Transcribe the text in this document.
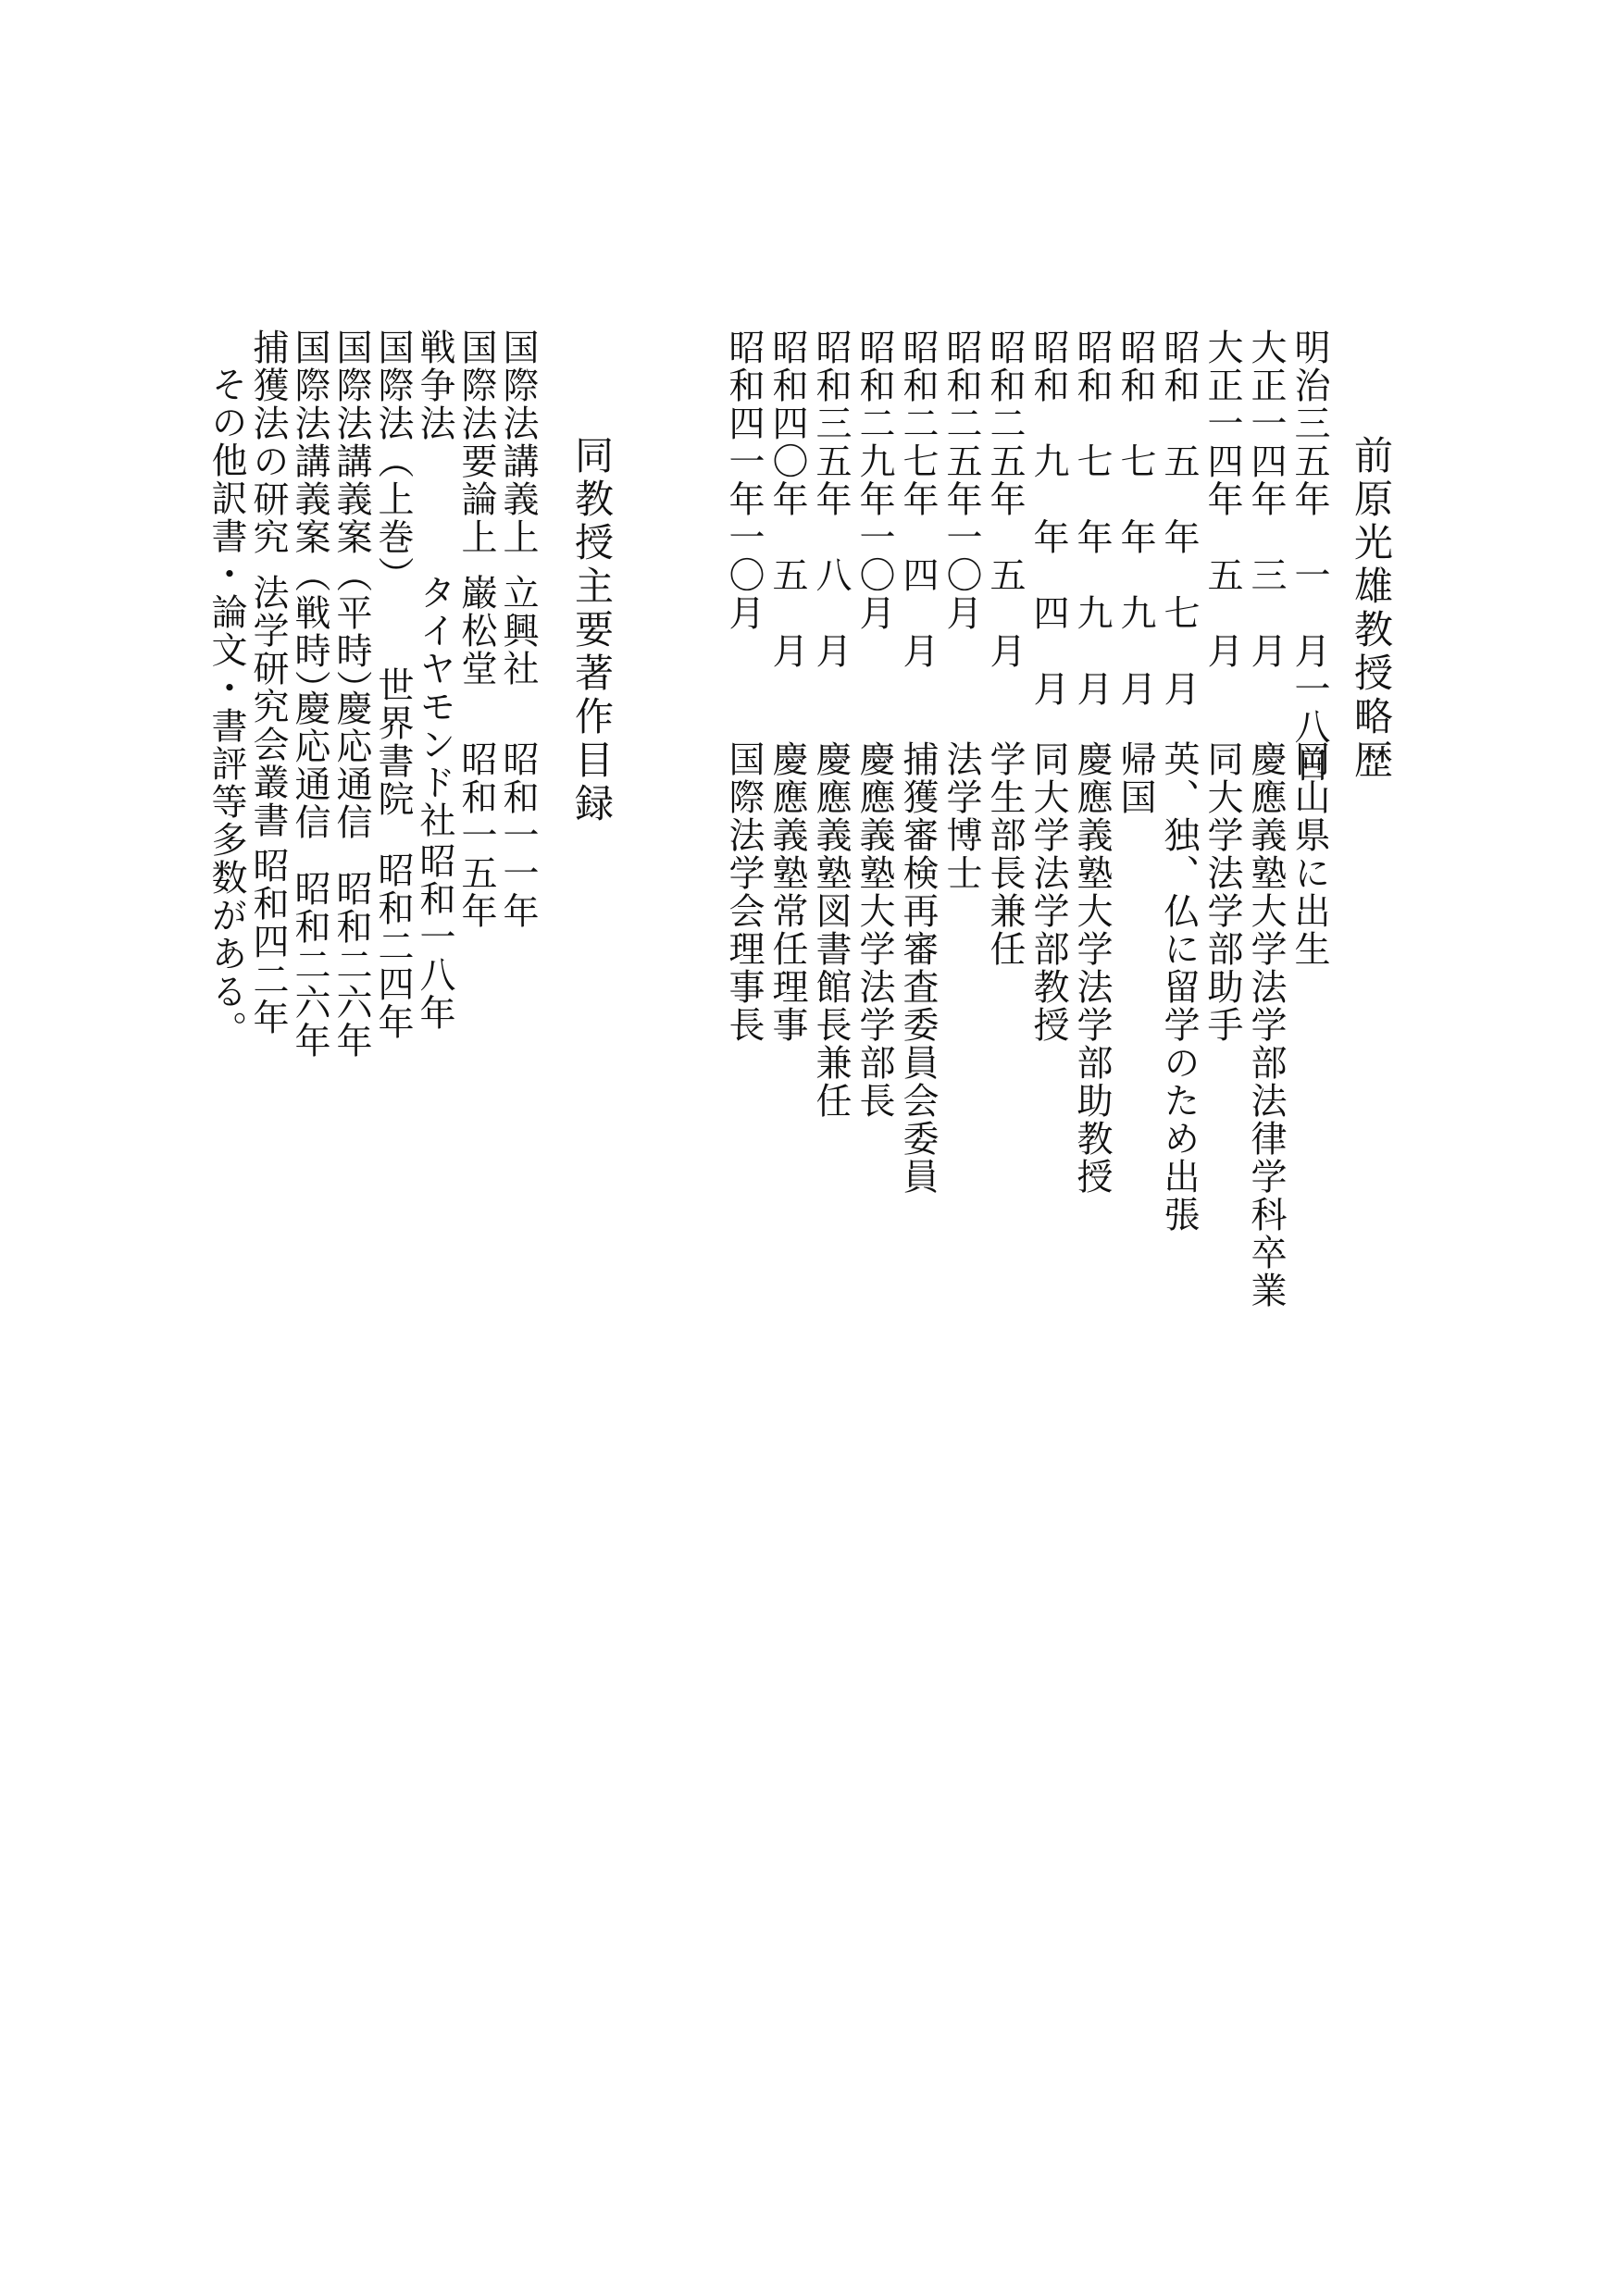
前原光雄教授略歴
明治三五年　一　月一八日
岡山県に出生
大正一四年　三　月
慶應義塾大学法学部法律学科卒業
大正一四年　五　月
同大学法学部助手
昭和　五　年　七　月
英、独、仏に留学のため出張
昭和　七　年　九　月
帰国
昭和　七　年　九　月
慶應義塾大学法学部助教授
昭和　九　年　四　月
同大学法学部教授
昭和二五年　五　月
学生部長兼任
昭和二五年一〇月
法学博士
昭和二七年　四　月
捕獲審検再審査委員会委員
昭和二九年一〇月
慶應義塾大学法学部長
昭和三五年　八　月
慶應義塾図書館長兼任
昭和四〇年　五　月
慶應義塾常任理事
昭和四一年一〇月
国際法学会理事長
同教授主要著作目録
国際法講義上
立興社
昭和一一年
国際法要論上
巌松堂
昭和一五年
戦争法
タイヤモンド社
昭和一八年
国際法（上巻）
世界書院
昭和二四年
国際法講義案（平時）
慶応通信
昭和二六年
国際法講義案（戦時）
慶応通信
昭和二六年
捕獲法の研究
法学研究会叢書
昭和四二年
その他訳書・論文・書評等多数がある。
